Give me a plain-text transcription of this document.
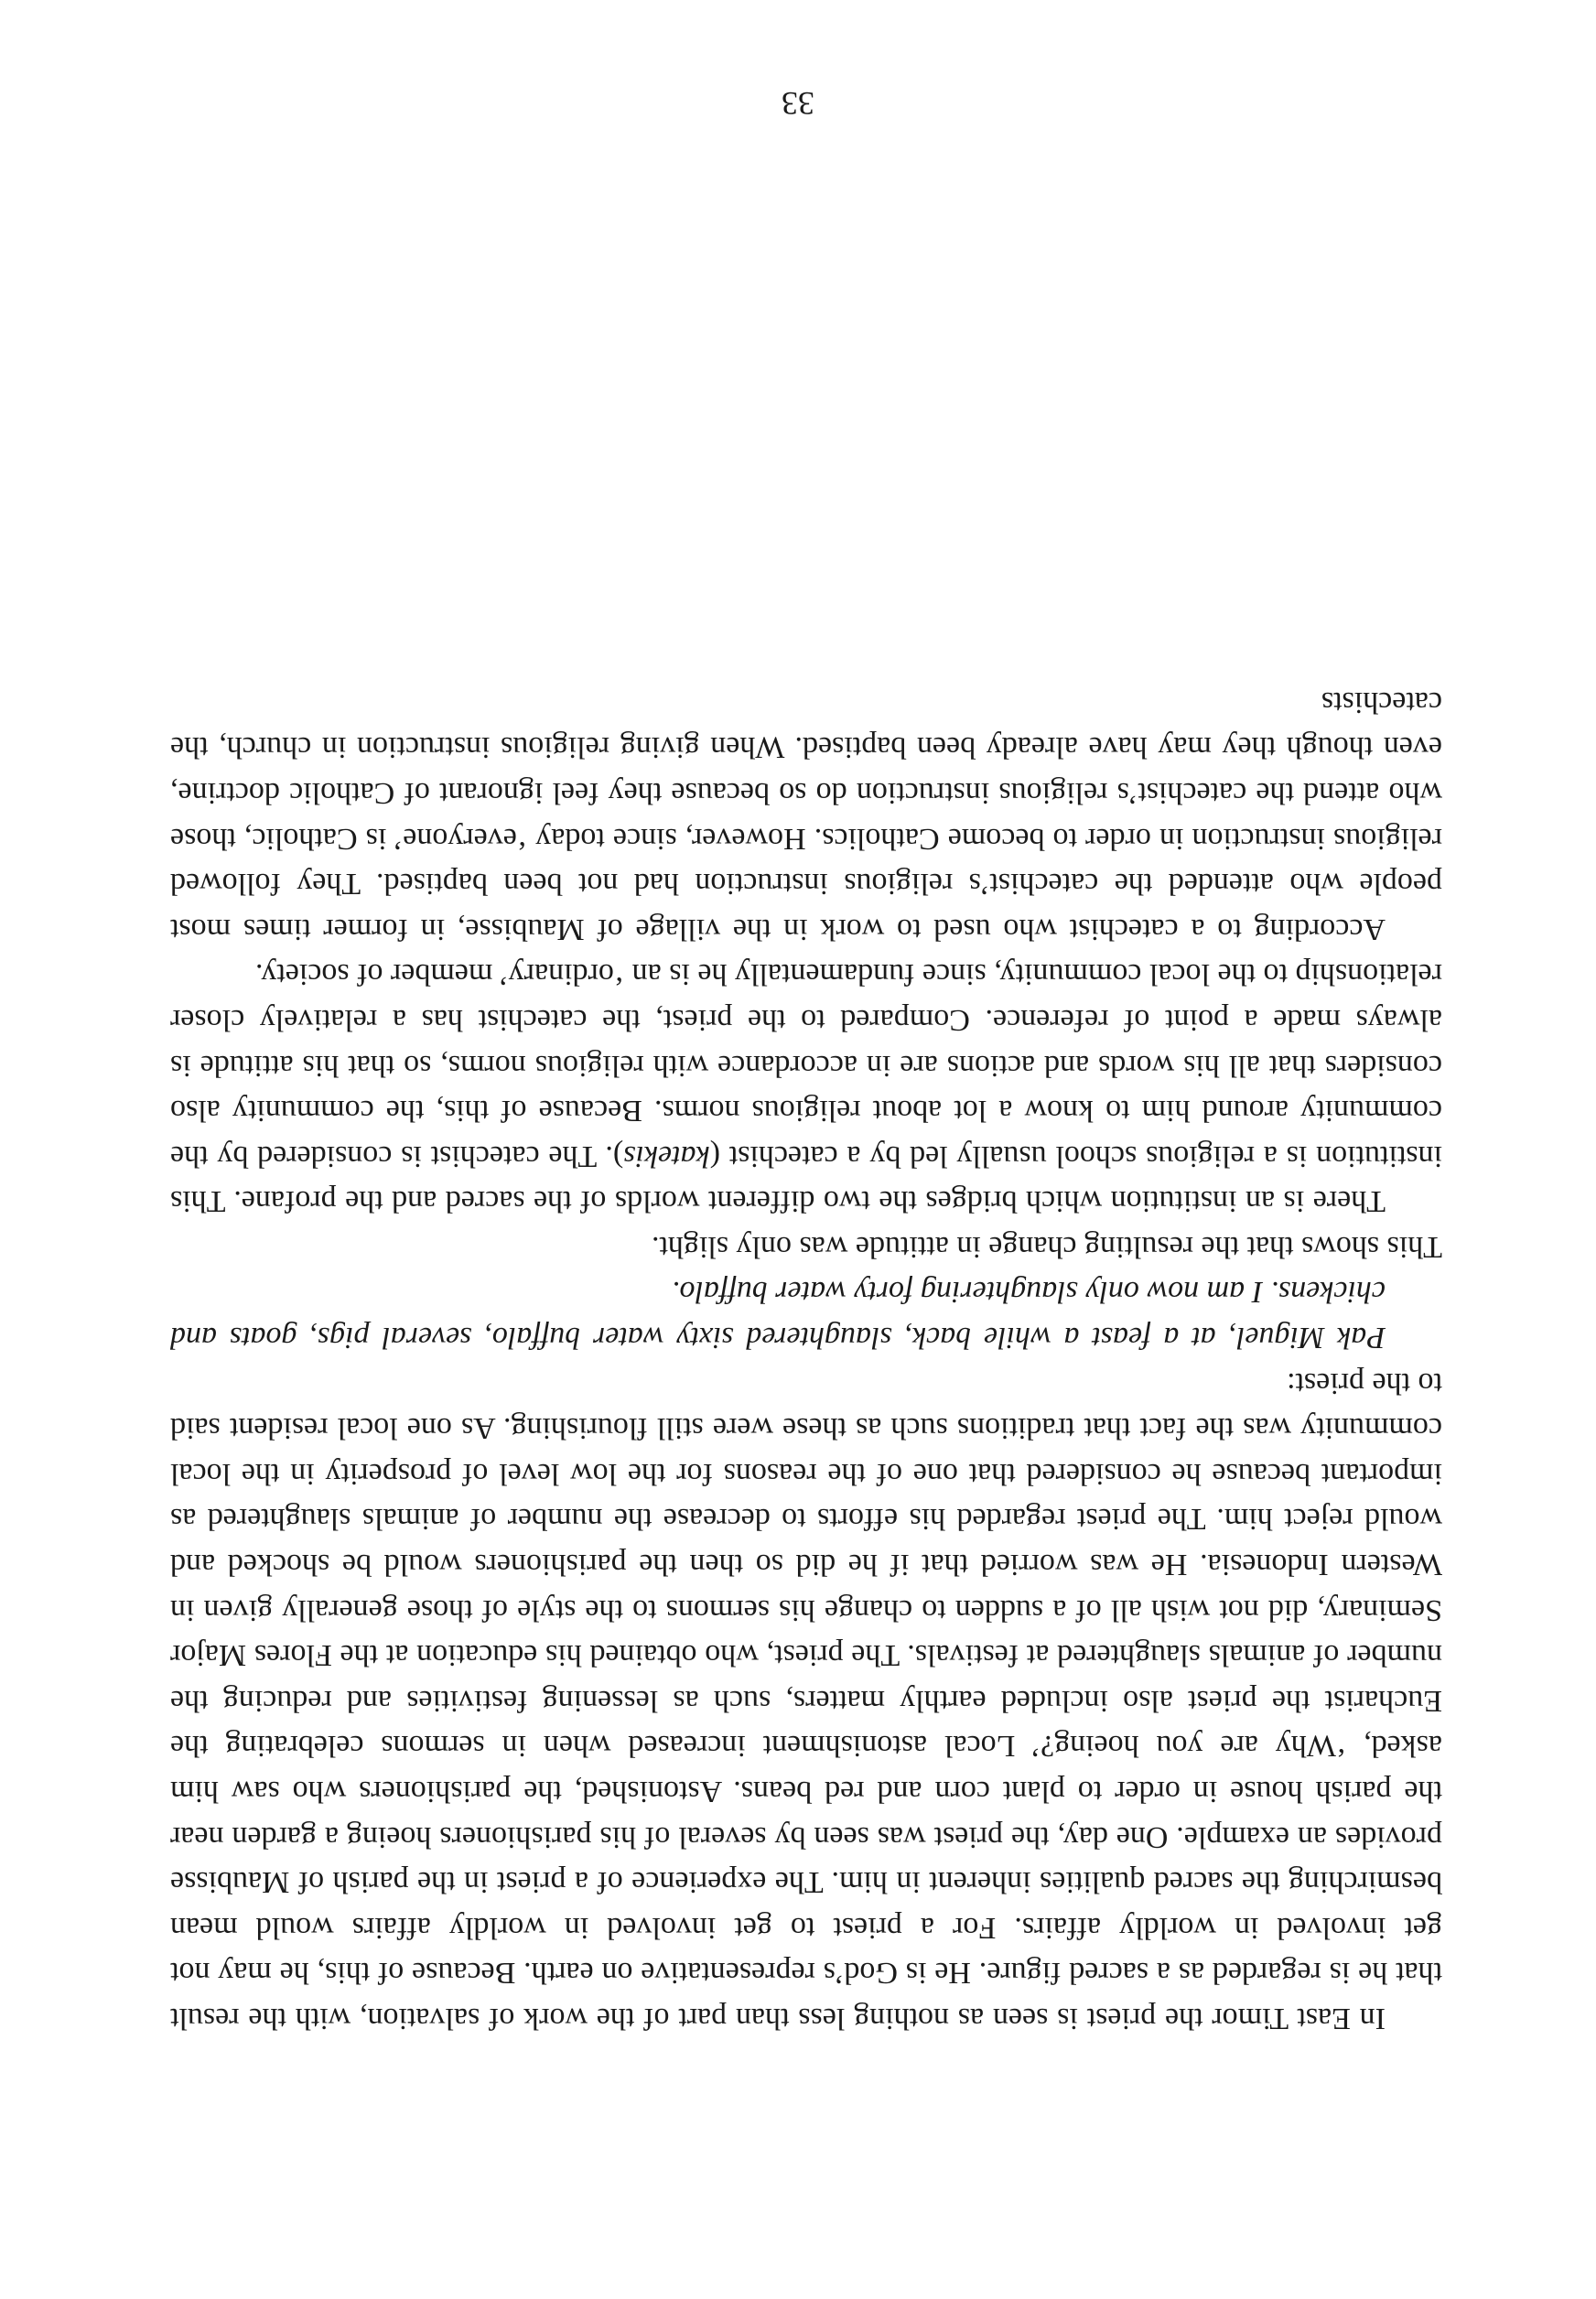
In East Timor the priest is seen as nothing less than part of the work of salvation, with the result that he is regarded as a sacred figure. He is God’s representative on earth. Because of this, he may not get involved in worldly affairs. For a priest to get involved in worldly affairs would mean besmirching the sacred qualities inherent in him. The experience of a priest in the parish of Maubisse provides an example. One day, the priest was seen by several of his parishioners hoeing a garden near the parish house in order to plant corn and red beans. Astonished, the parishioners who saw him asked, ‘Why are you hoeing?’ Local astonishment increased when in sermons celebrating the Eucharist the priest also included earthly matters, such as lessening festivities and reducing the number of animals slaughtered at festivals. The priest, who obtained his education at the Flores Major Seminary, did not wish all of a sudden to change his sermons to the style of those generally given in Western Indonesia. He was worried that if he did so then the parishioners would be shocked and would reject him. The priest regarded his efforts to decrease the number of animals slaughtered as important because he considered that one of the reasons for the low level of prosperity in the local community was the fact that traditions such as these were still flourishing. As one local resident said to the priest:

Pak Miguel, at a feast a while back, slaughtered sixty water buffalo, several pigs, goats and chickens. I am now only slaughtering forty water buffalo.

This shows that the resulting change in attitude was only slight.

There is an institution which bridges the two different worlds of the sacred and the profane. This institution is a religious school usually led by a catechist (katekis). The catechist is considered by the community around him to know a lot about religious norms. Because of this, the community also considers that all his words and actions are in accordance with religious norms, so that his attitude is always made a point of reference. Compared to the priest, the catechist has a relatively closer relationship to the local community, since fundamentally he is an ‘ordinary’ member of society.

According to a catechist who used to work in the village of Maubisse, in former times most people who attended the catechist’s religious instruction had not been baptised. They followed religious instruction in order to become Catholics. However, since today ‘everyone’ is Catholic, those who attend the catechist’s religious instruction do so because they feel ignorant of Catholic doctrine, even though they may have already been baptised. When giving religious instruction in church, the catechists

33
